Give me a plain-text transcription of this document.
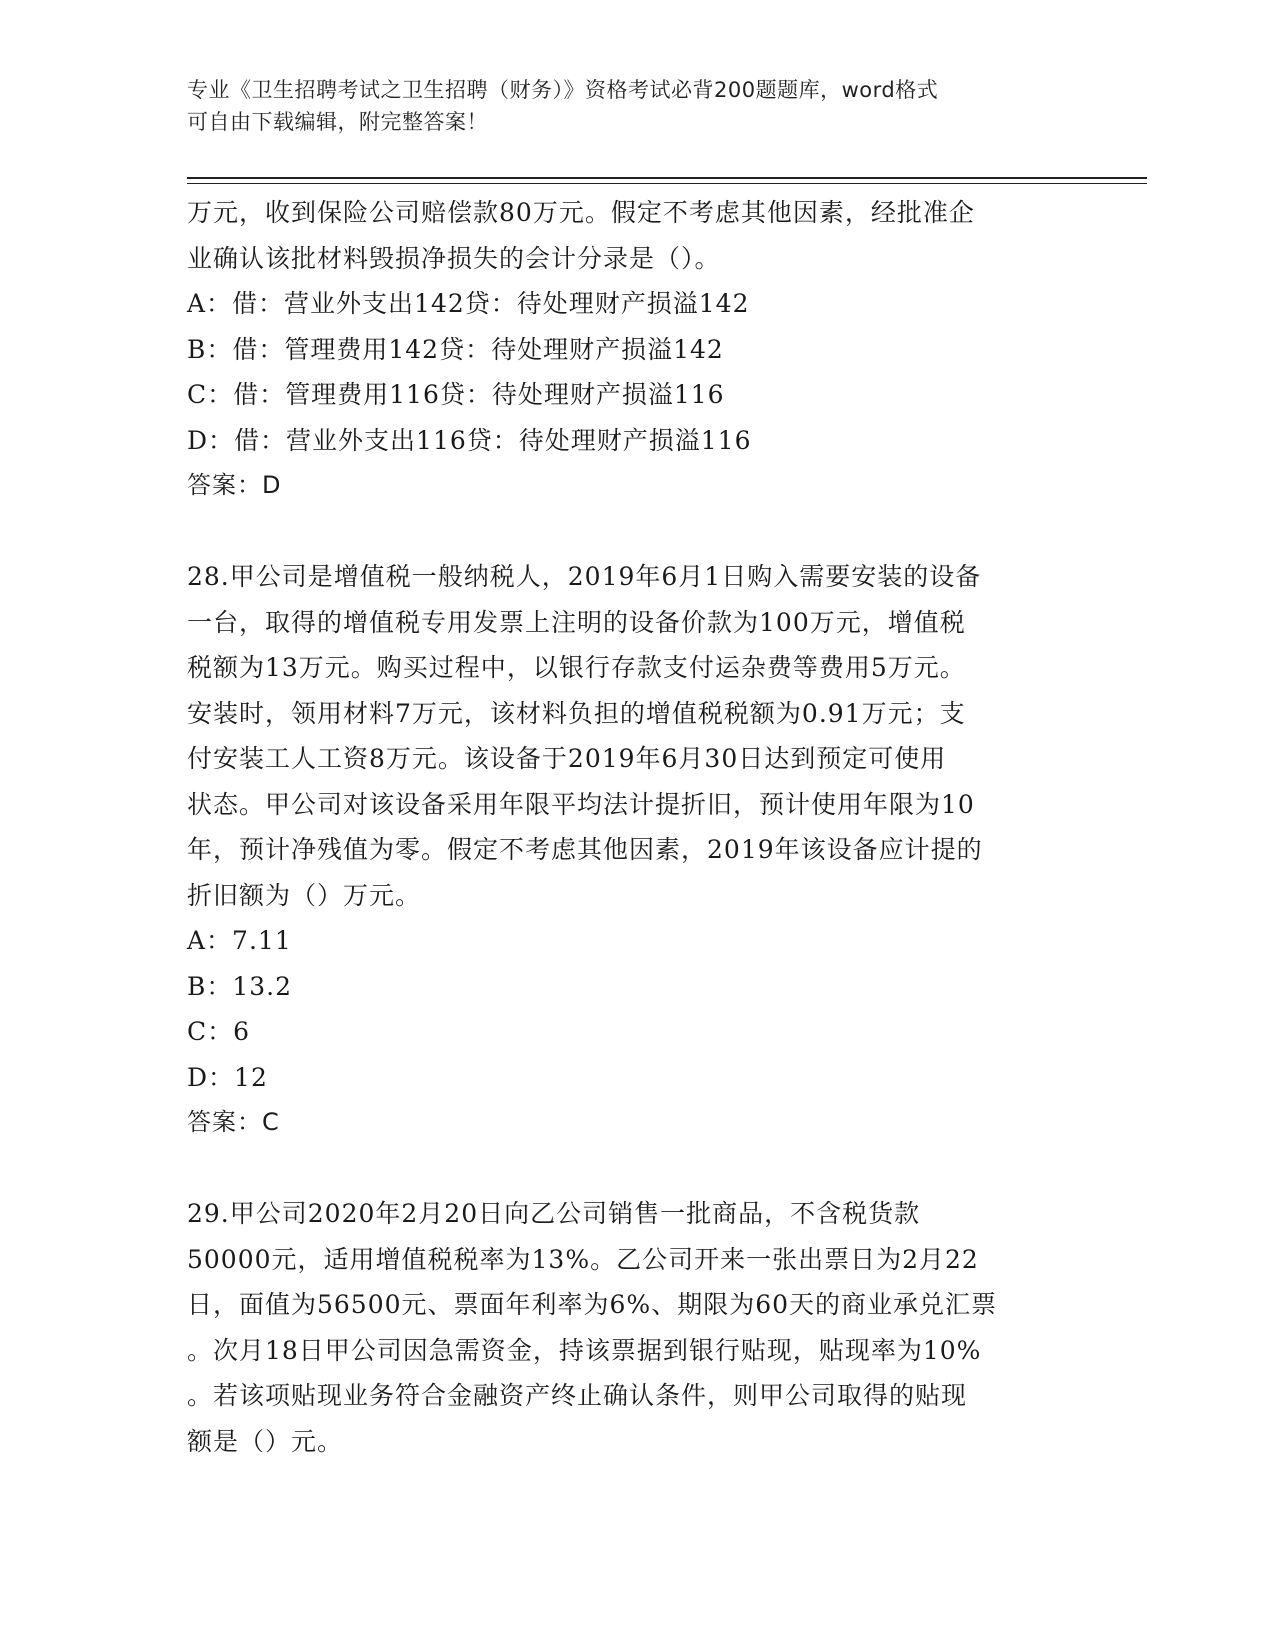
专业《卫生招聘考试之卫生招聘（财务）》资格考试必背200题题库，word格式
可自由下载编辑，附完整答案！

万元，收到保险公司赔偿款80万元。假定不考虑其他因素，经批准企

业确认该批材料毁损净损失的会计分录是（）。

A：借：营业外支出142贷：待处理财产损溢142

B：借：管理费用142贷：待处理财产损溢142

C：借：管理费用116贷：待处理财产损溢116

D：借：营业外支出116贷：待处理财产损溢116

答案：D

28.甲公司是增值税一般纳税人，2019年6月1日购入需要安装的设备

一台，取得的增值税专用发票上注明的设备价款为100万元，增值税

税额为13万元。购买过程中，以银行存款支付运杂费等费用5万元。

安装时，领用材料7万元，该材料负担的增值税税额为0.91万元；支

付安装工人工资8万元。该设备于2019年6月30日达到预定可使用

状态。甲公司对该设备采用年限平均法计提折旧，预计使用年限为10

年，预计净残值为零。假定不考虑其他因素，2019年该设备应计提的

折旧额为（）万元。

A：7.11

B：13.2

C：6

D：12

答案：C

29.甲公司2020年2月20日向乙公司销售一批商品，不含税货款

50000元，适用增值税税率为13%。乙公司开来一张出票日为2月22

日，面值为56500元、票面年利率为6%、期限为60天的商业承兑汇票

。次月18日甲公司因急需资金，持该票据到银行贴现，贴现率为10%

。若该项贴现业务符合金融资产终止确认条件，则甲公司取得的贴现

额是（）元。
